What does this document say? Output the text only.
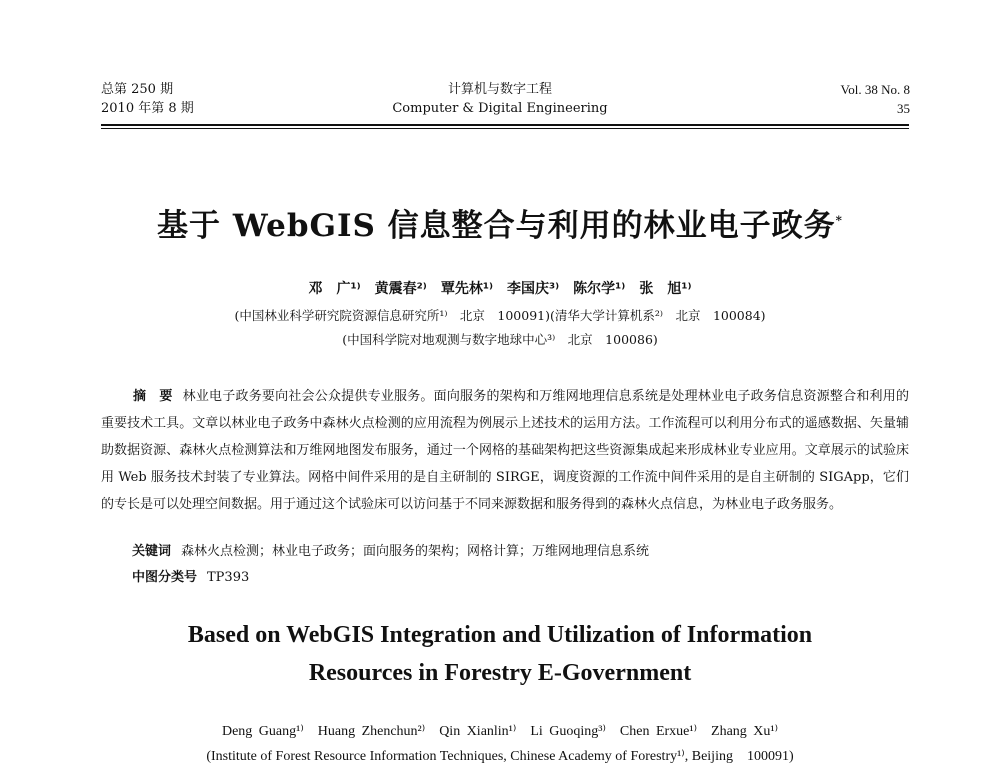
总第 250 期
2010 年第 8 期
计算机与数字工程
Computer & Digital Engineering
Vol. 38 No. 8
35
基于 WebGIS 信息整合与利用的林业电子政务*
邓　广¹⁾　黄震春²⁾　覃先林¹⁾　李国庆³⁾　陈尔学¹⁾　张　旭¹⁾
(中国林业科学研究院资源信息研究所¹⁾　北京　100091)(清华大学计算机系²⁾　北京　100084)
(中国科学院对地观测与数字地球中心³⁾　北京　100086)
摘　要 林业电子政务要向社会公众提供专业服务。面向服务的架构和万维网地理信息系统是处理林业电子政务信息资源整合和利用的重要技术工具。文章以林业电子政务中森林火点检测的应用流程为例展示上述技术的运用方法。工作流程可以利用分布式的遥感数据、矢量辅助数据资源、森林火点检测算法和万维网地图发布服务，通过一个网格的基础架构把这些资源集成起来形成林业专业应用。文章展示的试验床用 Web 服务技术封装了专业算法。网格中间件采用的是自主研制的 SIRGE，调度资源的工作流中间件采用的是自主研制的 SIGApp，它们的专长是可以处理空间数据。用于通过这个试验床可以访问基于不同来源数据和服务得到的森林火点信息，为林业电子政务服务。
关键词 森林火点检测；林业电子政务；面向服务的架构；网格计算；万维网地理信息系统
中图分类号 TP393
Based on WebGIS Integration and Utilization of Information
Resources in Forestry E-Government
Deng Guang¹⁾　Huang Zhenchun²⁾　Qin Xianlin¹⁾　Li Guoqing³⁾　Chen Erxue¹⁾　Zhang Xu¹⁾
(Institute of Forest Resource Information Techniques, Chinese Academy of Forestry¹⁾, Beijing　100091)
